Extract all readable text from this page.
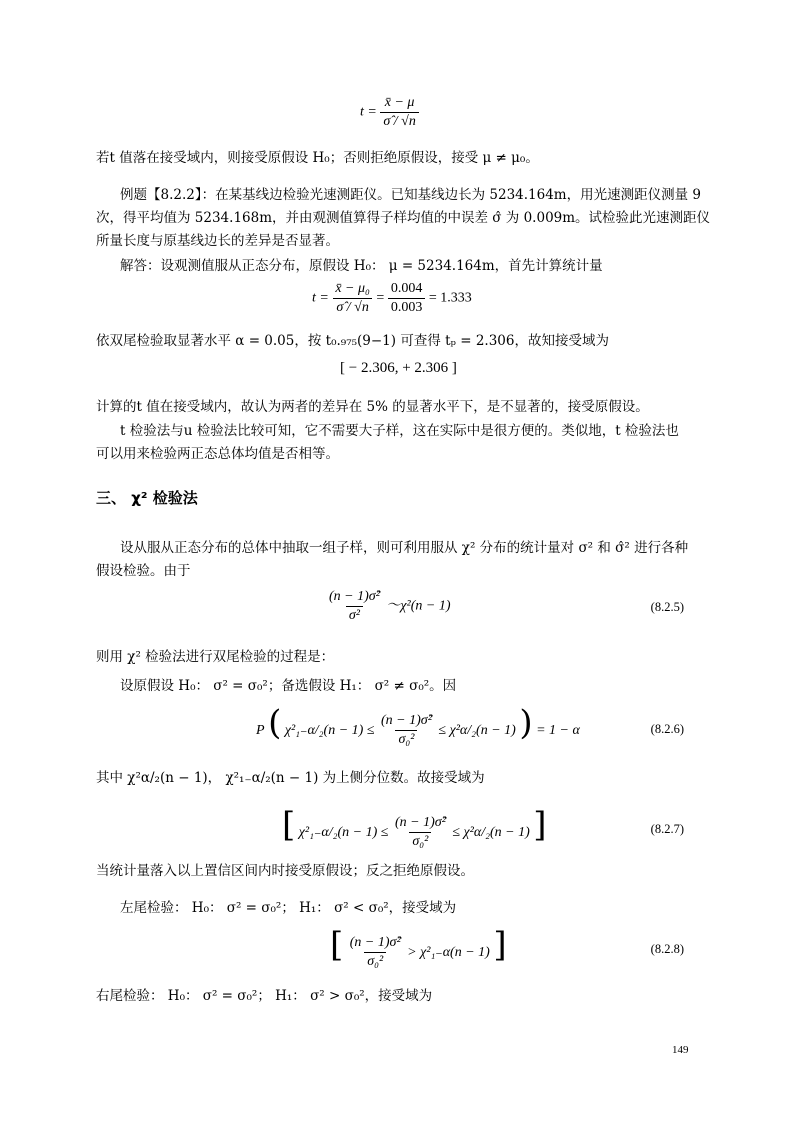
$t = \frac{x̄ - \mu}{\sigmâ / √n}$
若t 值落在接受域内，则接受原假设 H₀；否则拒绝原假设，接受 μ ≠ μ₀。
例题【8.2.2】：在某基线边检验光速测距仪。已知基线边长为 5234.164m，用光速测距仪测量 9
次，得平均值为 5234.168m，并由观测值算得子样均值的中误差 σ̂ 为 0.009m。试检验此光速测距仪
所量长度与原基线边长的差异是否显著。
解答：设观测值服从正态分布，原假设 H₀： μ = 5234.164m，首先计算统计量
$t = \frac{\text{x̄ − μ₀}}{\sigmâ / √n} = \frac{0.004}{0.003} = 1.333$
依双尾检验取显著水平 α = 0.05，按 t₀.₉₇₅(9−1) 可查得 tₚ = 2.306，故知接受域为
[ − 2.306, + 2.306 ]
计算的t 值在接受域内，故认为两者的差异在 5% 的显著水平下，是不显著的，接受原假设。
t 检验法与u 检验法比较可知，它不需要大子样，这在实际中是很方便的。类似地，t 检验法也
可以用来检验两正态总体均值是否相等。
三、 χ² 检验法
设从服从正态分布的总体中抽取一组子样，则可利用服从 χ² 分布的统计量对 σ² 和 σ̂² 进行各种
假设检验。由于
$\frac{\text{(n − 1)σ̂²}}{\text{σ²}}$ ～χ²(n − 1)	(8.2.5)
则用 χ² 检验法进行双尾检验的过程是：
设原假设 H₀： σ² = σ₀²；备选假设 H₁： σ² ≠ σ₀²。因
P ( $\chi^2_{1-}\alpha/_2(n - 1) \le \frac{\text{(n − 1)σ̂²}}{\text{σ₀²}} \le \chi^2\alpha/_2(n - 1)$ ) = 1 − α	(8.2.6)
其中 χ²α/₂(n − 1)， χ²₁₋α/₂(n − 1) 为上侧分位数。故接受域为
[ $\chi^2_{1-}\alpha/_2(n - 1) \le \frac{\text{(n − 1)σ̂²}}{\text{σ₀²}} \le \chi^2\alpha/_2(n - 1)$ ]	(8.2.7)
当统计量落入以上置信区间内时接受原假设；反之拒绝原假设。
左尾检验： H₀： σ² = σ₀²； H₁： σ² < σ₀²，接受域为
[ $\frac{\text{(n − 1)σ̂²}}{\text{σ₀²}} > \chi^2_{1-}\alpha(n - 1)$ ]	(8.2.8)
右尾检验： H₀： σ² = σ₀²； H₁： σ² > σ₀²，接受域为
149
